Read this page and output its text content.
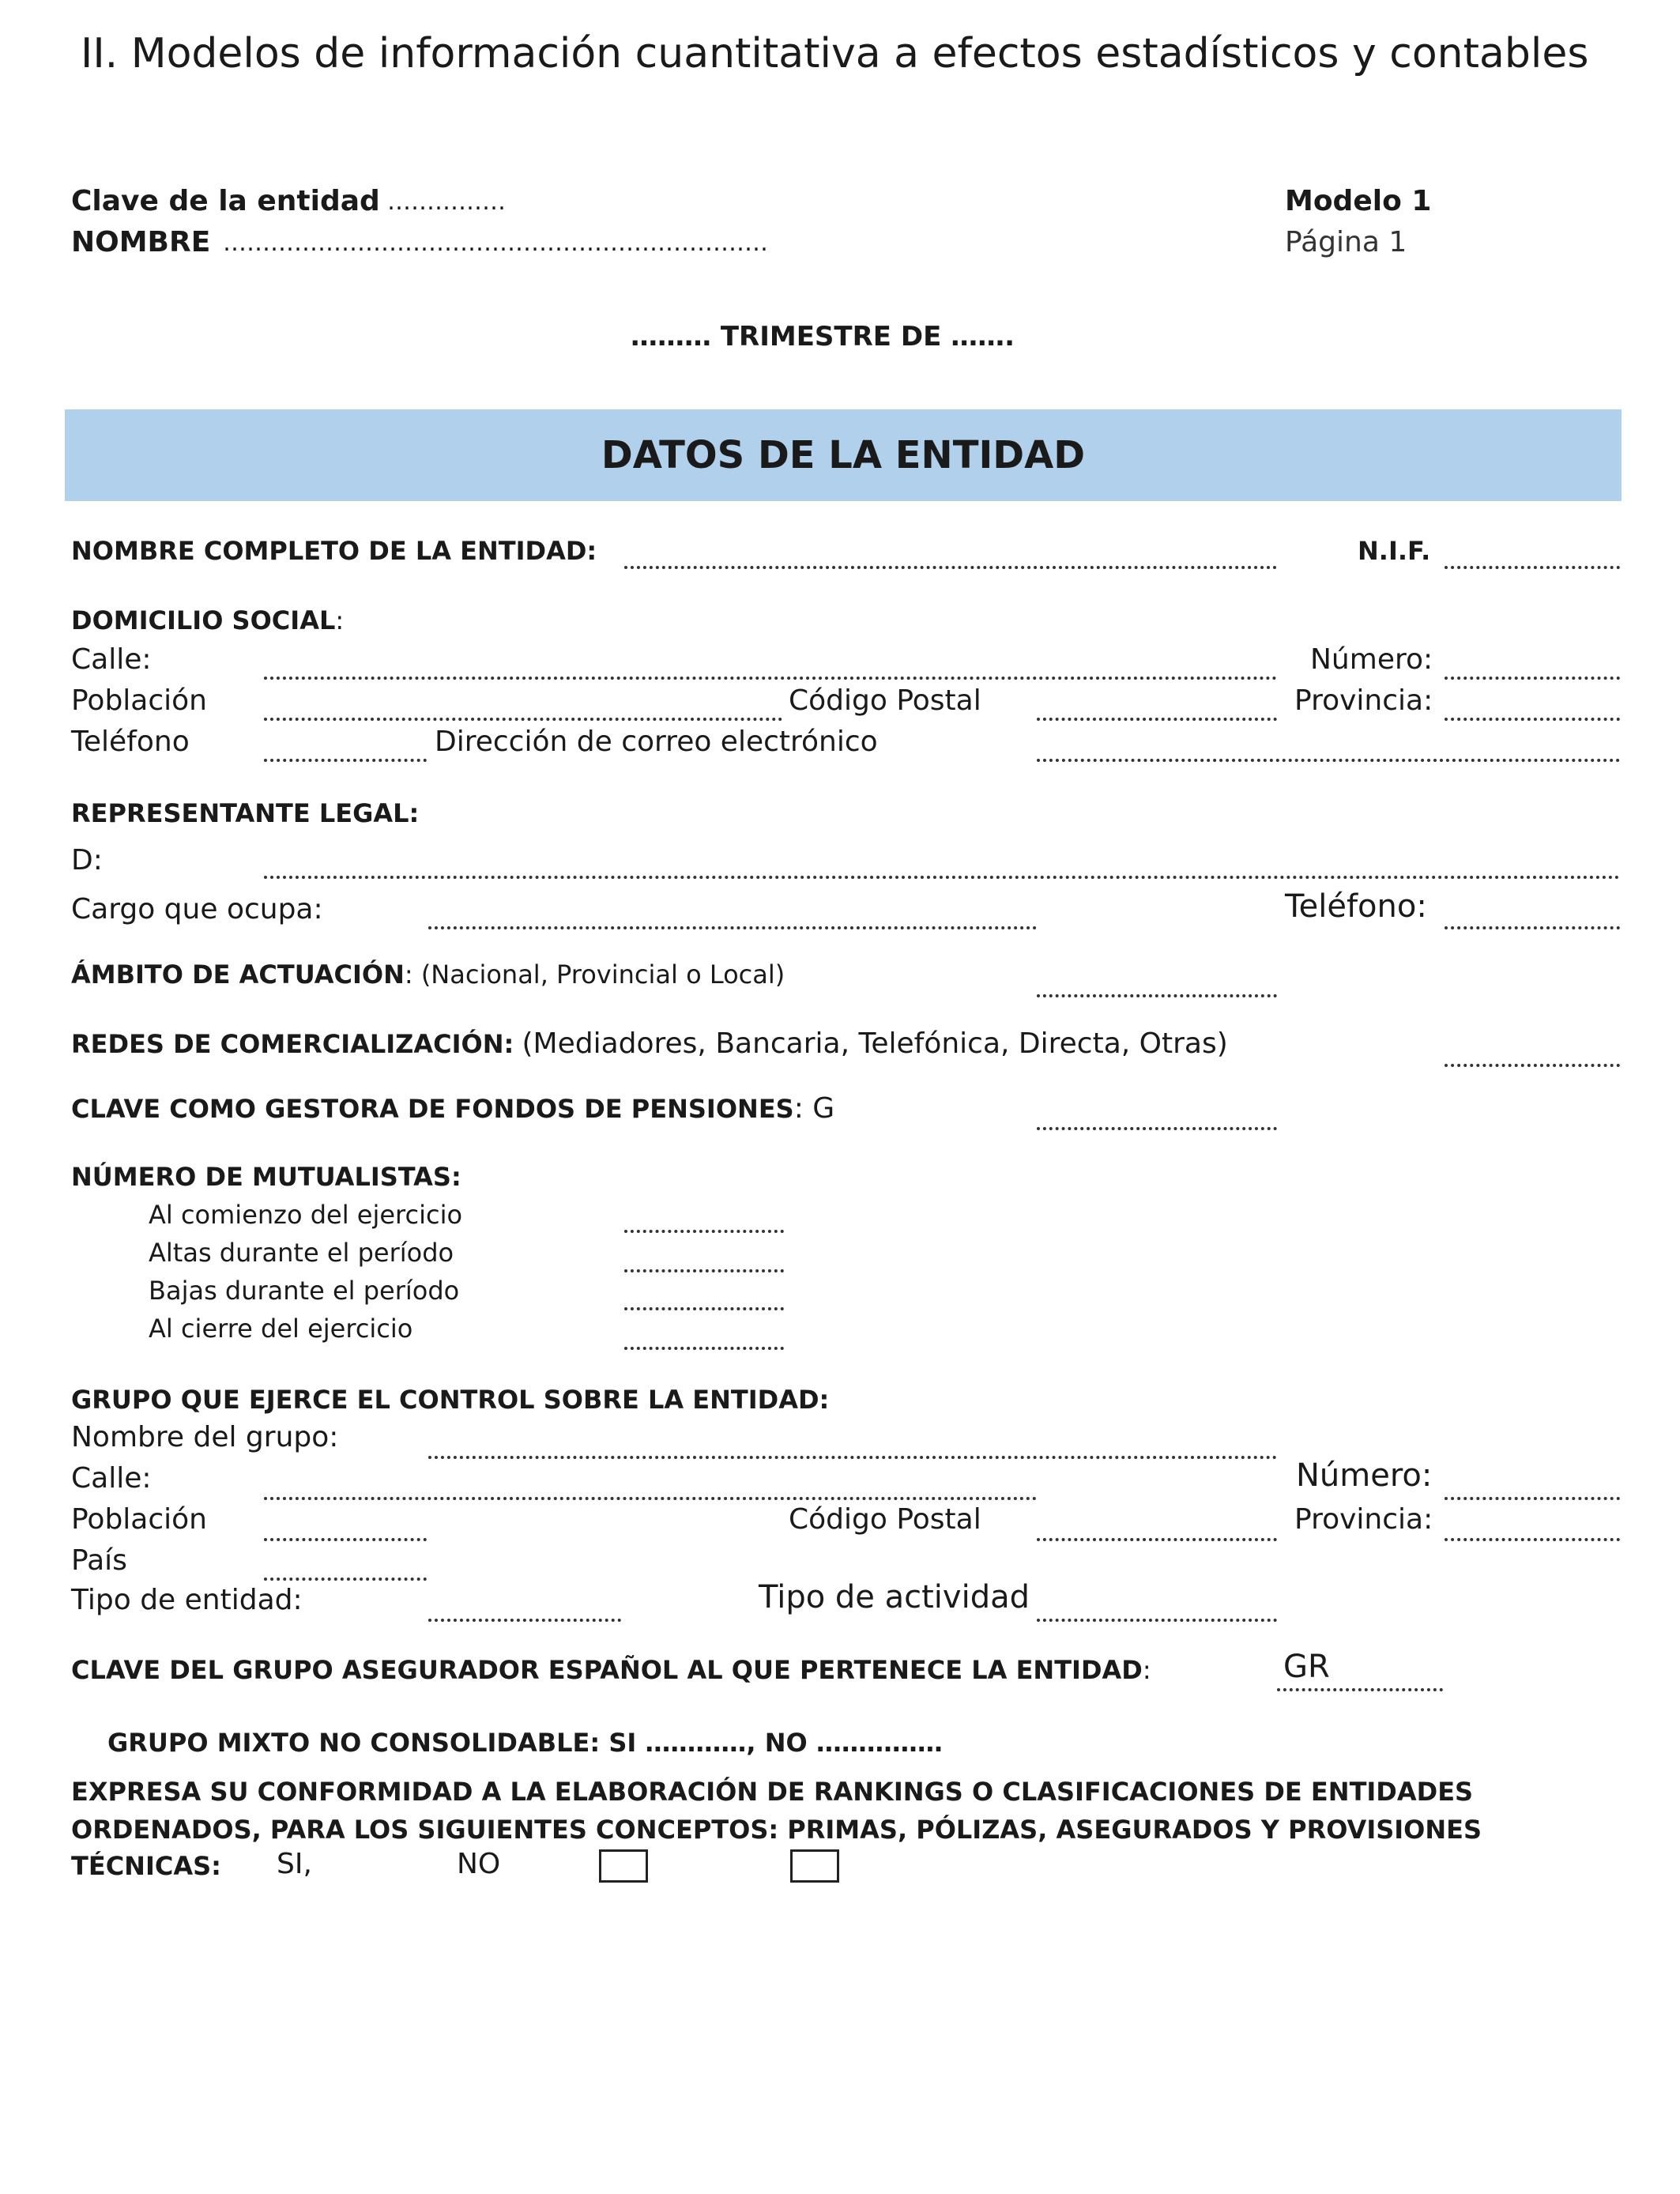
II. Modelos de información cuantitativa a efectos estadísticos y contables
Clave de la entidad ……………
NOMBRE ……………………………………………………………
Modelo 1
Página 1
……… TRIMESTRE DE …….
DATOS DE LA ENTIDAD
NOMBRE COMPLETO DE LA ENTIDAD:	N.I.F.
DOMICILIO SOCIAL:
Calle:	Número:
Población	Código Postal	Provincia:
Teléfono	Dirección de correo electrónico
REPRESENTANTE LEGAL:
D:
Cargo que ocupa:	Teléfono:
ÁMBITO DE ACTUACIÓN: (Nacional, Provincial o Local)
REDES DE COMERCIALIZACIÓN: (Mediadores, Bancaria, Telefónica, Directa, Otras)
CLAVE COMO GESTORA DE FONDOS DE PENSIONES: G
NÚMERO DE MUTUALISTAS:
Al comienzo del ejercicio
Altas durante el período
Bajas durante el período
Al cierre del ejercicio
GRUPO QUE EJERCE EL CONTROL SOBRE LA ENTIDAD:
Nombre del grupo:
Calle:	Número:
Población	Código Postal	Provincia:
País
Tipo de entidad:	Tipo de actividad
CLAVE DEL GRUPO ASEGURADOR ESPAÑOL AL QUE PERTENECE LA ENTIDAD:	GR
GRUPO MIXTO NO CONSOLIDABLE: SI …………, NO ……………
EXPRESA SU CONFORMIDAD A LA ELABORACIÓN DE RANKINGS O CLASIFICACIONES DE ENTIDADES
ORDENADOS, PARA LOS SIGUIENTES CONCEPTOS: PRIMAS, PÓLIZAS, ASEGURADOS Y PROVISIONES
TÉCNICAS: SI,	NO
